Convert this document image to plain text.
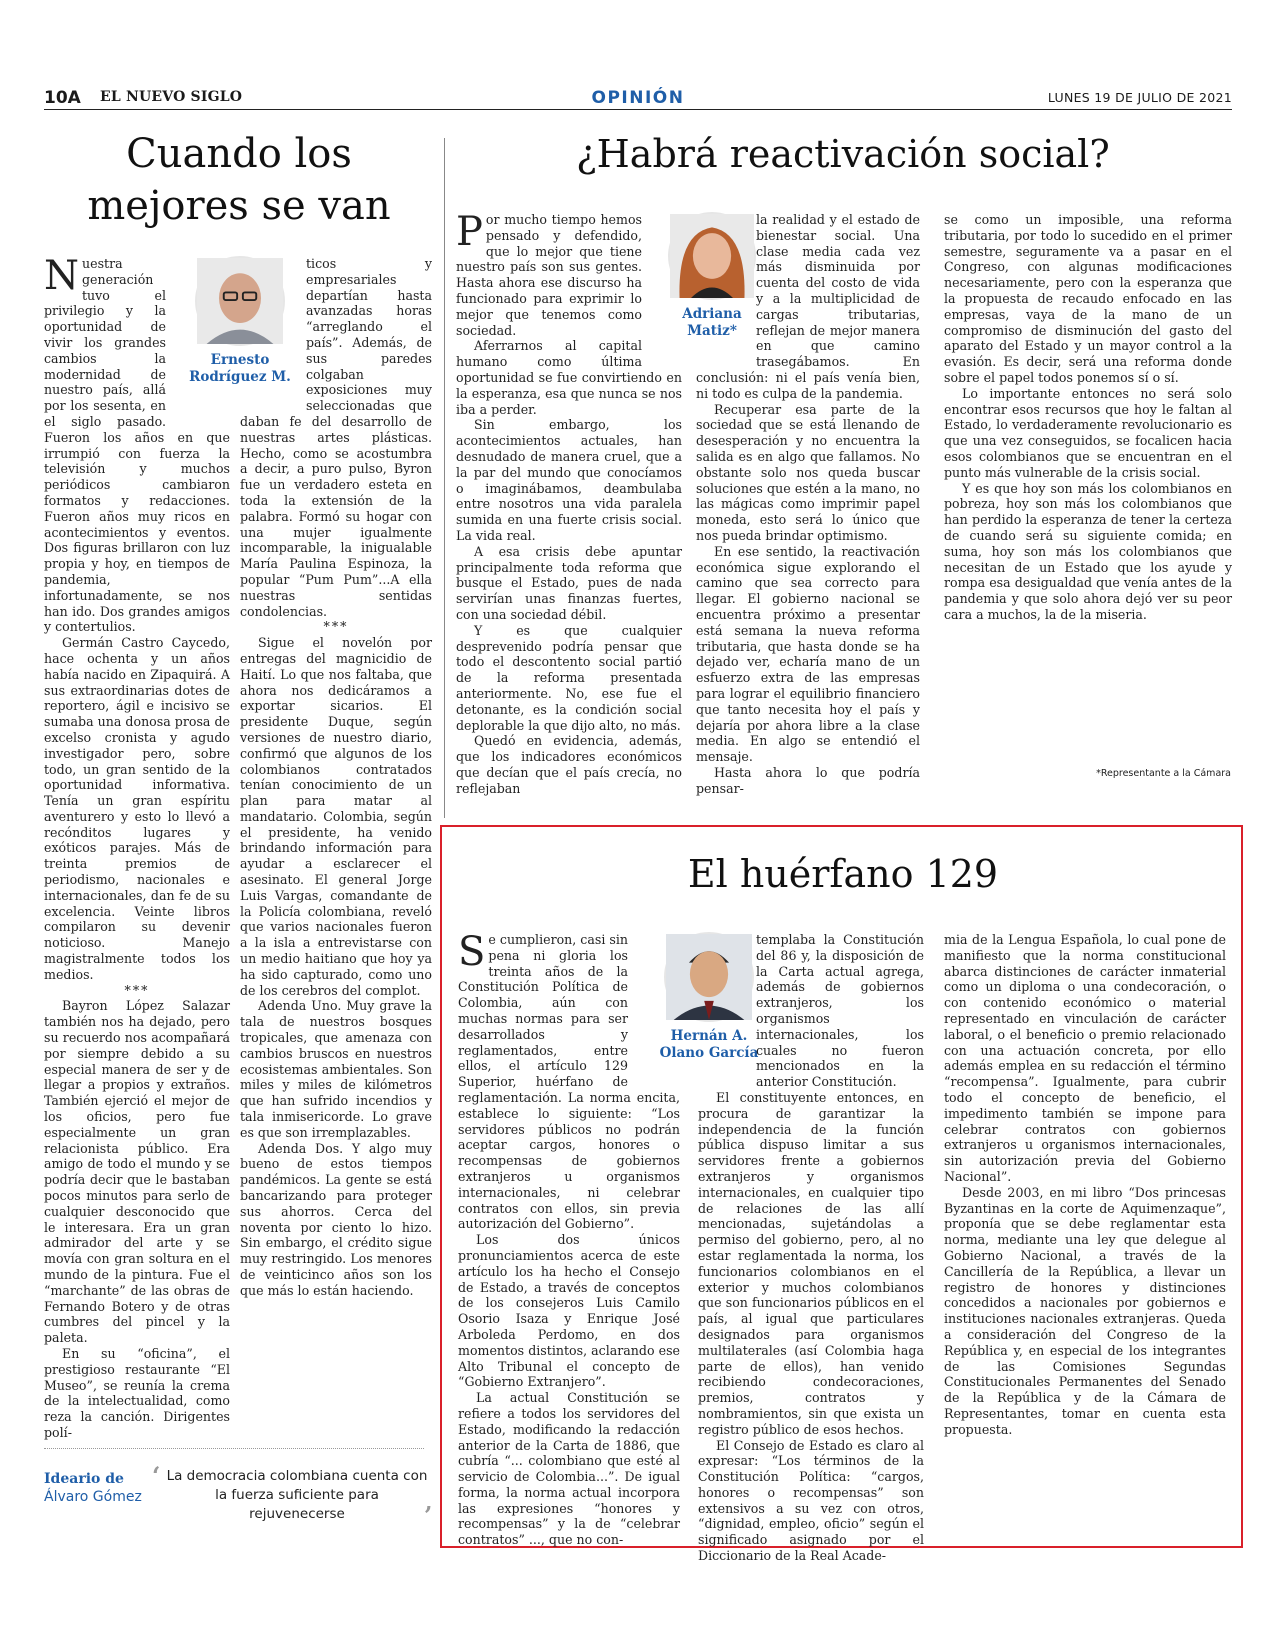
10A EL NUEVO SIGLO	OPINIÓN	LUNES 19 DE JULIO DE 2021
Cuando los
mejores se van
Ernesto
Rodríguez M.

Nuestra generación tuvo el privilegio y la oportunidad de vivir los grandes cambios la modernidad de nuestro país, allá por los sesenta, en el siglo pasado. Fueron los años en que irrumpió con fuerza la televisión y muchos periódicos cambiaron formatos y redacciones. Fueron años muy ricos en acontecimientos y eventos. Dos figuras brillaron con luz propia y hoy, en tiempos de pandemia, infortunadamente, se nos han ido. Dos grandes amigos y contertulios.

Germán Castro Caycedo, hace ochenta y un años había nacido en Zipaquirá. A sus extraordinarias dotes de reportero, ágil e incisivo se sumaba una donosa prosa de excelso cronista y agudo investigador pero, sobre todo, un gran sentido de la oportunidad informativa. Tenía un gran espíritu aventurero y esto lo llevó a recónditos lugares y exóticos parajes. Más de treinta premios de periodismo, nacionales e internacionales, dan fe de su excelencia. Veinte libros compilaron su devenir noticioso. Manejo magistralmente todos los medios.

***

Bayron López Salazar también nos ha dejado, pero su recuerdo nos acompañará por siempre debido a su especial manera de ser y de llegar a propios y extraños. También ejerció el mejor de los oficios, pero fue especialmente un gran relacionista público. Era amigo de todo el mundo y se podría decir que le bastaban pocos minutos para serlo de cualquier desconocido que le interesara. Era un gran admirador del arte y se movía con gran soltura en el mundo de la pintura. Fue el “marchante” de las obras de Fernando Botero y de otras cumbres del pincel y la paleta.

En su “oficina”, el prestigioso restaurante “El Museo”, se reunía la crema de la intelectualidad, como reza la canción. Dirigentes polí-

ticos y empresariales departían hasta avanzadas horas “arreglando el país”. Además, de sus paredes colgaban exposiciones muy seleccionadas que daban fe del desarrollo de nuestras artes plásticas. Hecho, como se acostumbra a decir, a puro pulso, Byron fue un verdadero esteta en toda la extensión de la palabra. Formó su hogar con una mujer igualmente incomparable, la inigualable María Paulina Espinoza, la popular “Pum Pum”...A ella nuestras sentidas condolencias.

***

Sigue el novelón por entregas del magnicidio de Haití. Lo que nos faltaba, que ahora nos dedicáramos a exportar sicarios. El presidente Duque, según versiones de nuestro diario, confirmó que algunos de los colombianos contratados tenían conocimiento de un plan para matar al mandatario. Colombia, según el presidente, ha venido brindando información para ayudar a esclarecer el asesinato. El general Jorge Luis Vargas, comandante de la Policía colombiana, reveló que varios nacionales fueron a la isla a entrevistarse con un medio haitiano que hoy ya ha sido capturado, como uno de los cerebros del complot.

Adenda Uno. Muy grave la tala de nuestros bosques tropicales, que amenaza con cambios bruscos en nuestros ecosistemas ambientales. Son miles y miles de kilómetros que han sufrido incendios y tala inmisericorde. Lo grave es que son irremplazables.

Adenda Dos. Y algo muy bueno de estos tiempos pandémicos. La gente se está bancarizando para proteger sus ahorros. Cerca del noventa por ciento lo hizo. Sin embargo, el crédito sigue muy restringido. Los menores de veinticinco años son los que más lo están haciendo.

Ideario de
Álvaro Gómez
‘ La democracia colombiana cuenta con la fuerza suficiente para rejuvenecerse	’
¿Habrá reactivación social?
Adriana
Matiz*

Por mucho tiempo hemos pensado y defendido, que lo mejor que tiene nuestro país son sus gentes. Hasta ahora ese discurso ha funcionado para exprimir lo mejor que tenemos como sociedad.

Aferrarnos al capital humano como última oportunidad se fue convirtiendo en la esperanza, esa que nunca se nos iba a perder.

Sin embargo, los acontecimientos actuales, han desnudado de manera cruel, que a la par del mundo que conocíamos o imaginábamos, deambulaba entre nosotros una vida paralela sumida en una fuerte crisis social. La vida real.

A esa crisis debe apuntar principalmente toda reforma que busque el Estado, pues de nada servirían unas finanzas fuertes, con una sociedad débil.

Y es que cualquier desprevenido podría pensar que todo el descontento social partió de la reforma presentada anteriormente. No, ese fue el detonante, es la condición social deplorable la que dijo alto, no más.

Quedó en evidencia, además, que los indicadores económicos que decían que el país crecía, no reflejaban

la realidad y el estado de bienestar social. Una clase media cada vez más disminuida por cuenta del costo de vida y a la multiplicidad de cargas tributarias, reflejan de mejor manera en que camino trasegábamos. En conclusión: ni el país venía bien, ni todo es culpa de la pandemia.

Recuperar esa parte de la sociedad que se está llenando de desesperación y no encuentra la salida es en algo que fallamos. No obstante solo nos queda buscar soluciones que estén a la mano, no las mágicas como imprimir papel moneda, esto será lo único que nos pueda brindar optimismo.

En ese sentido, la reactivación económica sigue explorando el camino que sea correcto para llegar. El gobierno nacional se encuentra próximo a presentar está semana la nueva reforma tributaria, que hasta donde se ha dejado ver, echaría mano de un esfuerzo extra de las empresas para lograr el equilibrio financiero que tanto necesita hoy el país y dejaría por ahora libre a la clase media. En algo se entendió el mensaje.

Hasta ahora lo que podría pensar-

se como un imposible, una reforma tributaria, por todo lo sucedido en el primer semestre, seguramente va a pasar en el Congreso, con algunas modificaciones necesariamente, pero con la esperanza que la propuesta de recaudo enfocado en las empresas, vaya de la mano de un compromiso de disminución del gasto del aparato del Estado y un mayor control a la evasión. Es decir, será una reforma donde sobre el papel todos ponemos sí o sí.

Lo importante entonces no será solo encontrar esos recursos que hoy le faltan al Estado, lo verdaderamente revolucionario es que una vez conseguidos, se focalicen hacia esos colombianos que se encuentran en el punto más vulnerable de la crisis social.

Y es que hoy son más los colombianos en pobreza, hoy son más los colombianos que han perdido la esperanza de tener la certeza de cuando será su siguiente comida; en suma, hoy son más los colombianos que necesitan de un Estado que los ayude y rompa esa desigualdad que venía antes de la pandemia y que solo ahora dejó ver su peor cara a muchos, la de la miseria.

*Representante a la Cámara
El huérfano 129
Hernán A.
Olano García

Se cumplieron, casi sin pena ni gloria los treinta años de la Constitución Política de Colombia, aún con muchas normas para ser desarrollados y reglamentados, entre ellos, el artículo 129 Superior, huérfano de reglamentación. La norma encita, establece lo siguiente: “Los servidores públicos no podrán aceptar cargos, honores o recompensas de gobiernos extranjeros u organismos internacionales, ni celebrar contratos con ellos, sin previa autorización del Gobierno”.

Los dos únicos pronunciamientos acerca de este artículo los ha hecho el Consejo de Estado, a través de conceptos de los consejeros Luis Camilo Osorio Isaza y Enrique José Arboleda Perdomo, en dos momentos distintos, aclarando ese Alto Tribunal el concepto de “Gobierno Extranjero”.

La actual Constitución se refiere a todos los servidores del Estado, modificando la redacción anterior de la Carta de 1886, que cubría “... colombiano que esté al servicio de Colombia...”. De igual forma, la norma actual incorpora las expresiones “honores y recompensas” y la de “celebrar contratos” ..., que no con-

templaba la Constitución del 86 y, la disposición de la Carta actual agrega, además de gobiernos extranjeros, los organismos internacionales, los cuales no fueron mencionados en la anterior Constitución.

El constituyente entonces, en procura de garantizar la independencia de la función pública dispuso limitar a sus servidores frente a gobiernos extranjeros y organismos internacionales, en cualquier tipo de relaciones de las allí mencionadas, sujetándolas a permiso del gobierno, pero, al no estar reglamentada la norma, los funcionarios colombianos en el exterior y muchos colombianos que son funcionarios públicos en el país, al igual que particulares designados para organismos multilaterales (así Colombia haga parte de ellos), han venido recibiendo condecoraciones, premios, contratos y nombramientos, sin que exista un registro público de esos hechos.

El Consejo de Estado es claro al expresar: “Los términos de la Constitución Política: “cargos, honores o recompensas” son extensivos a su vez con otros, “dignidad, empleo, oficio” según el significado asignado por el Diccionario de la Real Acade-

mia de la Lengua Española, lo cual pone de manifiesto que la norma constitucional abarca distinciones de carácter inmaterial como un diploma o una condecoración, o con contenido económico o material representado en vinculación de carácter laboral, o el beneficio o premio relacionado con una actuación concreta, por ello además emplea en su redacción el término “recompensa”. Igualmente, para cubrir todo el concepto de beneficio, el impedimento también se impone para celebrar contratos con gobiernos extranjeros u organismos internacionales, sin autorización previa del Gobierno Nacional”.

Desde 2003, en mi libro “Dos princesas Byzantinas en la corte de Aquimenzaque”, proponía que se debe reglamentar esta norma, mediante una ley que delegue al Gobierno Nacional, a través de la Cancillería de la República, a llevar un registro de honores y distinciones concedidos a nacionales por gobiernos e instituciones nacionales extranjeras. Queda a consideración del Congreso de la República y, en especial de los integrantes de las Comisiones Segundas Constitucionales Permanentes del Senado de la República y de la Cámara de Representantes, tomar en cuenta esta propuesta.
